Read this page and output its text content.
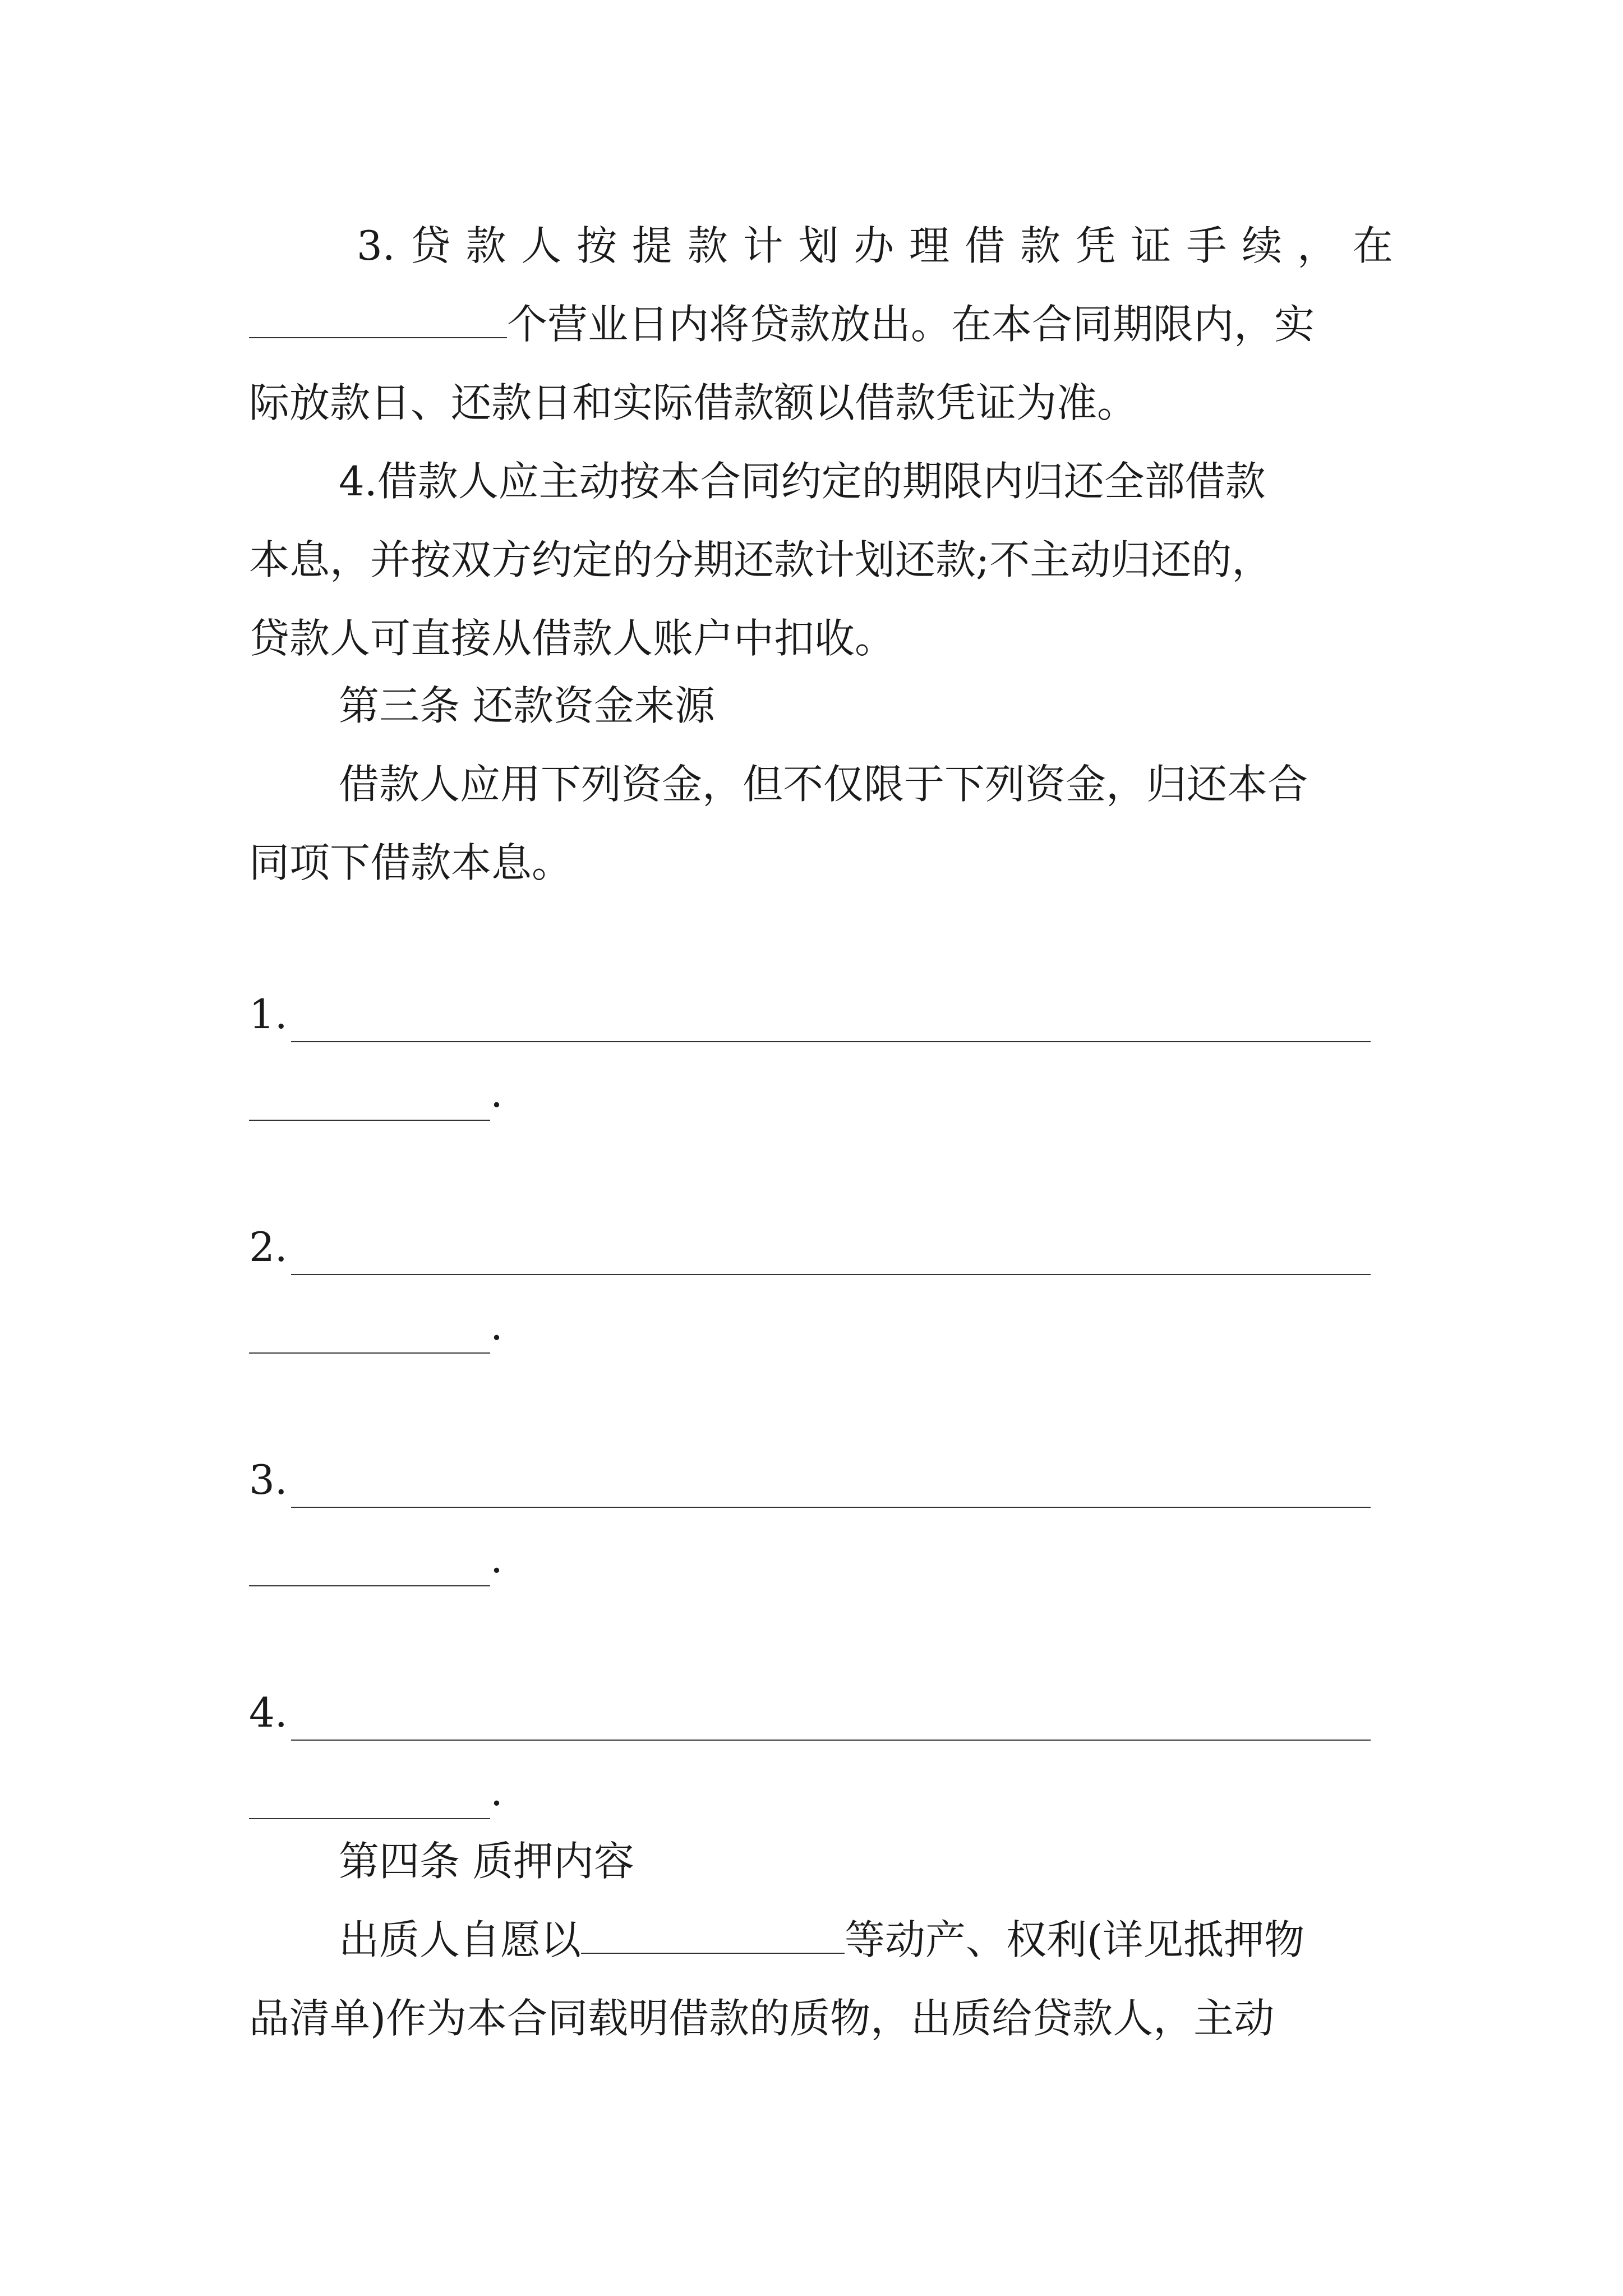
3. 贷 款 人 按 提 款 计 划 办 理 借 款 凭 证 手 续 ， 在
个营业日内将贷款放出。在本合同期限内，实
际放款日、还款日和实际借款额以借款凭证为准。
4.借款人应主动按本合同约定的期限内归还全部借款
本息，并按双方约定的分期还款计划还款;不主动归还的，
贷款人可直接从借款人账户中扣收。
第三条 还款资金来源
借款人应用下列资金，但不仅限于下列资金，归还本合
同项下借款本息。
1.
.
2.
.
3.
.
4.
.
第四条 质押内容
出质人自愿以	等动产、权利(详见抵押物
品清单)作为本合同载明借款的质物，出质给贷款人，主动
